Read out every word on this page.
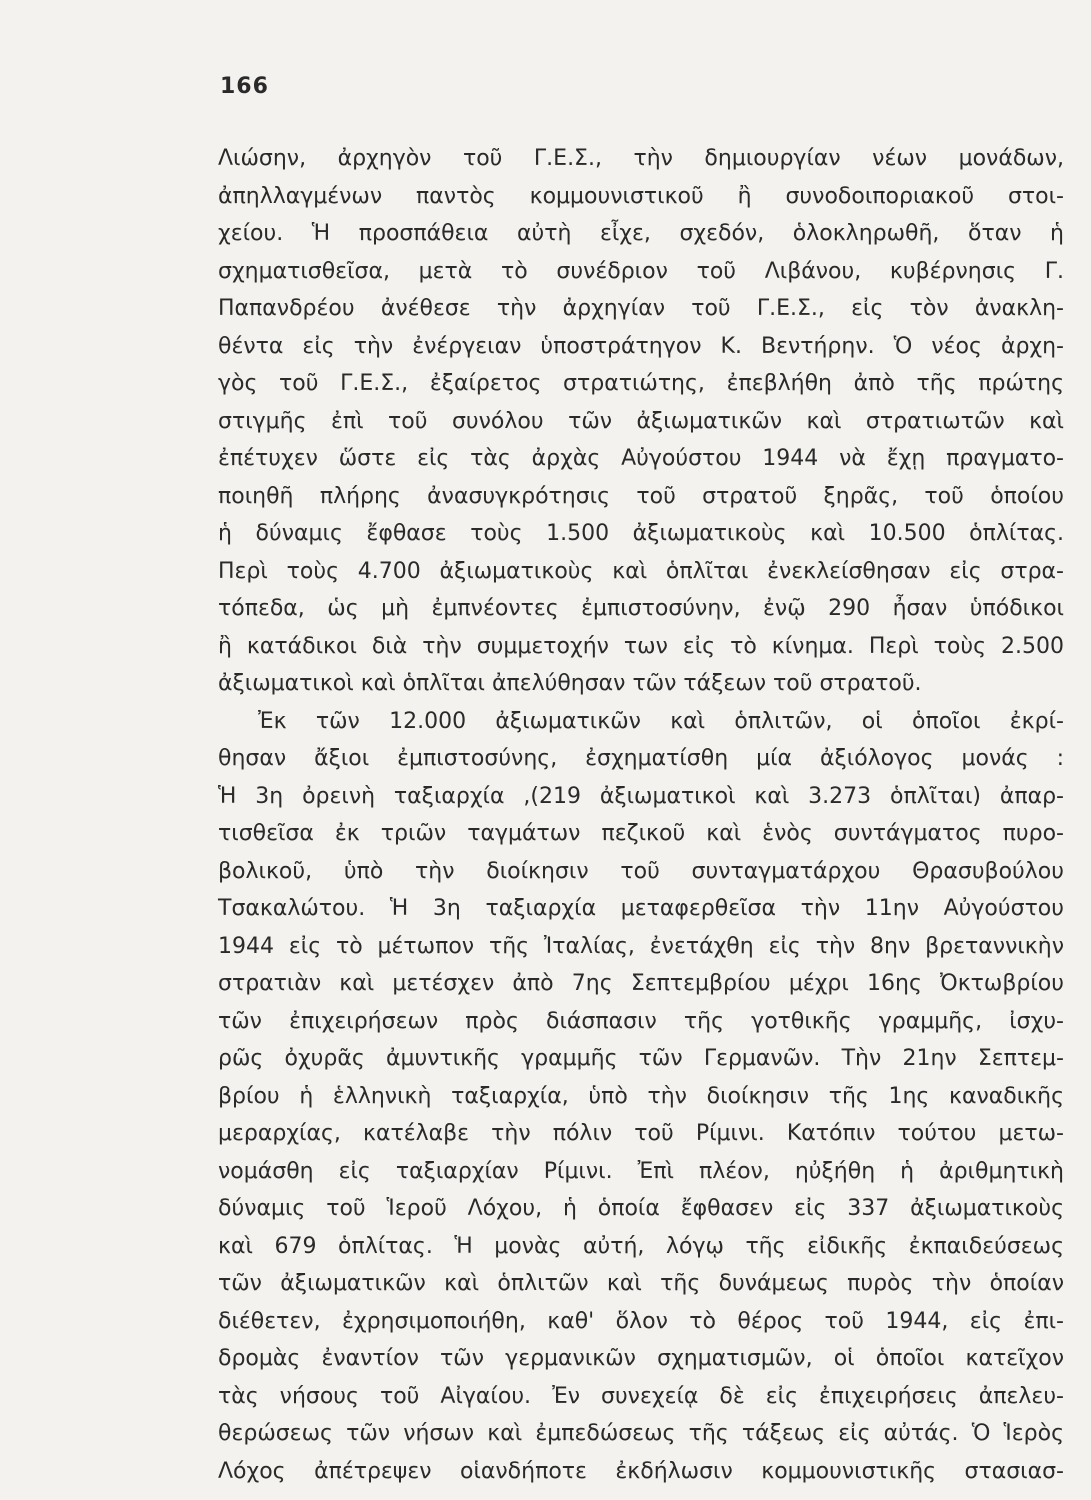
166
Λιώσην, ἀρχηγὸν τοῦ Γ.Ε.Σ., τὴν δημιουργίαν νέων μονάδων,
ἀπηλλαγμένων παντὸς κομμουνιστικοῦ ἢ συνοδοιποριακοῦ στοι-
χείου. Ἡ προσπάθεια αὐτὴ εἶχε, σχεδόν, ὁλοκληρωθῆ, ὅταν ἡ
σχηματισθεῖσα, μετὰ τὸ συνέδριον τοῦ Λιβάνου, κυβέρνησις Γ.
Παπανδρέου ἀνέθεσε τὴν ἀρχηγίαν τοῦ Γ.Ε.Σ., εἰς τὸν ἀνακλη-
θέντα εἰς τὴν ἐνέργειαν ὑποστράτηγον Κ. Βεντήρην. Ὁ νέος ἀρχη-
γὸς τοῦ Γ.Ε.Σ., ἐξαίρετος στρατιώτης, ἐπεβλήθη ἀπὸ τῆς πρώτης
στιγμῆς ἐπὶ τοῦ συνόλου τῶν ἀξιωματικῶν καὶ στρατιωτῶν καὶ
ἐπέτυχεν ὥστε εἰς τὰς ἀρχὰς Αὐγούστου 1944 νὰ ἔχῃ πραγματο-
ποιηθῆ πλήρης ἀνασυγκρότησις τοῦ στρατοῦ ξηρᾶς, τοῦ ὁποίου
ἡ δύναμις ἔφθασε τοὺς 1.500 ἀξιωματικοὺς καὶ 10.500 ὁπλίτας.
Περὶ τοὺς 4.700 ἀξιωματικοὺς καὶ ὁπλῖται ἐνεκλείσθησαν εἰς στρα-
τόπεδα, ὡς μὴ ἐμπνέοντες ἐμπιστοσύνην, ἐνῷ 290 ἦσαν ὑπόδικοι
ἢ κατάδικοι διὰ τὴν συμμετοχήν των εἰς τὸ κίνημα. Περὶ τοὺς 2.500
ἀξιωματικοὶ καὶ ὁπλῖται ἀπελύθησαν τῶν τάξεων τοῦ στρατοῦ.
Ἐκ τῶν 12.000 ἀξιωματικῶν καὶ ὁπλιτῶν, οἱ ὁποῖοι ἐκρί-
θησαν ἄξιοι ἐμπιστοσύνης, ἐσχηματίσθη μία ἀξιόλογος μονάς :
Ἡ 3η ὀρεινὴ ταξιαρχία ,(219 ἀξιωματικοὶ καὶ 3.273 ὁπλῖται) ἀπαρ-
τισθεῖσα ἐκ τριῶν ταγμάτων πεζικοῦ καὶ ἑνὸς συντάγματος πυρο-
βολικοῦ, ὑπὸ τὴν διοίκησιν τοῦ συνταγματάρχου Θρασυβούλου
Τσακαλώτου. Ἡ 3η ταξιαρχία μεταφερθεῖσα τὴν 11ην Αὐγούστου
1944 εἰς τὸ μέτωπον τῆς Ἰταλίας, ἐνετάχθη εἰς τὴν 8ην βρεταννικὴν
στρατιὰν καὶ μετέσχεν ἀπὸ 7ης Σεπτεμβρίου μέχρι 16ης Ὀκτωβρίου
τῶν ἐπιχειρήσεων πρὸς διάσπασιν τῆς γοτθικῆς γραμμῆς, ἰσχυ-
ρῶς ὀχυρᾶς ἀμυντικῆς γραμμῆς τῶν Γερμανῶν. Τὴν 21ην Σεπτεμ-
βρίου ἡ ἑλληνικὴ ταξιαρχία, ὑπὸ τὴν διοίκησιν τῆς 1ης καναδικῆς
μεραρχίας, κατέλαβε τὴν πόλιν τοῦ Ρίμινι. Κατόπιν τούτου μετω-
νομάσθη εἰς ταξιαρχίαν Ρίμινι. Ἐπὶ πλέον, ηὐξήθη ἡ ἀριθμητικὴ
δύναμις τοῦ Ἱεροῦ Λόχου, ἡ ὁποία ἔφθασεν εἰς 337 ἀξιωματικοὺς
καὶ 679 ὁπλίτας. Ἡ μονὰς αὐτή, λόγῳ τῆς εἰδικῆς ἐκπαιδεύσεως
τῶν ἀξιωματικῶν καὶ ὁπλιτῶν καὶ τῆς δυνάμεως πυρὸς τὴν ὁποίαν
διέθετεν, ἐχρησιμοποιήθη, καθ' ὅλον τὸ θέρος τοῦ 1944, εἰς ἐπι-
δρομὰς ἐναντίον τῶν γερμανικῶν σχηματισμῶν, οἱ ὁποῖοι κατεῖχον
τὰς νήσους τοῦ Αἰγαίου. Ἐν συνεχείᾳ δὲ εἰς ἐπιχειρήσεις ἀπελευ-
θερώσεως τῶν νήσων καὶ ἐμπεδώσεως τῆς τάξεως εἰς αὐτάς. Ὁ Ἱερὸς
Λόχος ἀπέτρεψεν οἱανδήποτε ἐκδήλωσιν κομμουνιστικῆς στασιασ-
